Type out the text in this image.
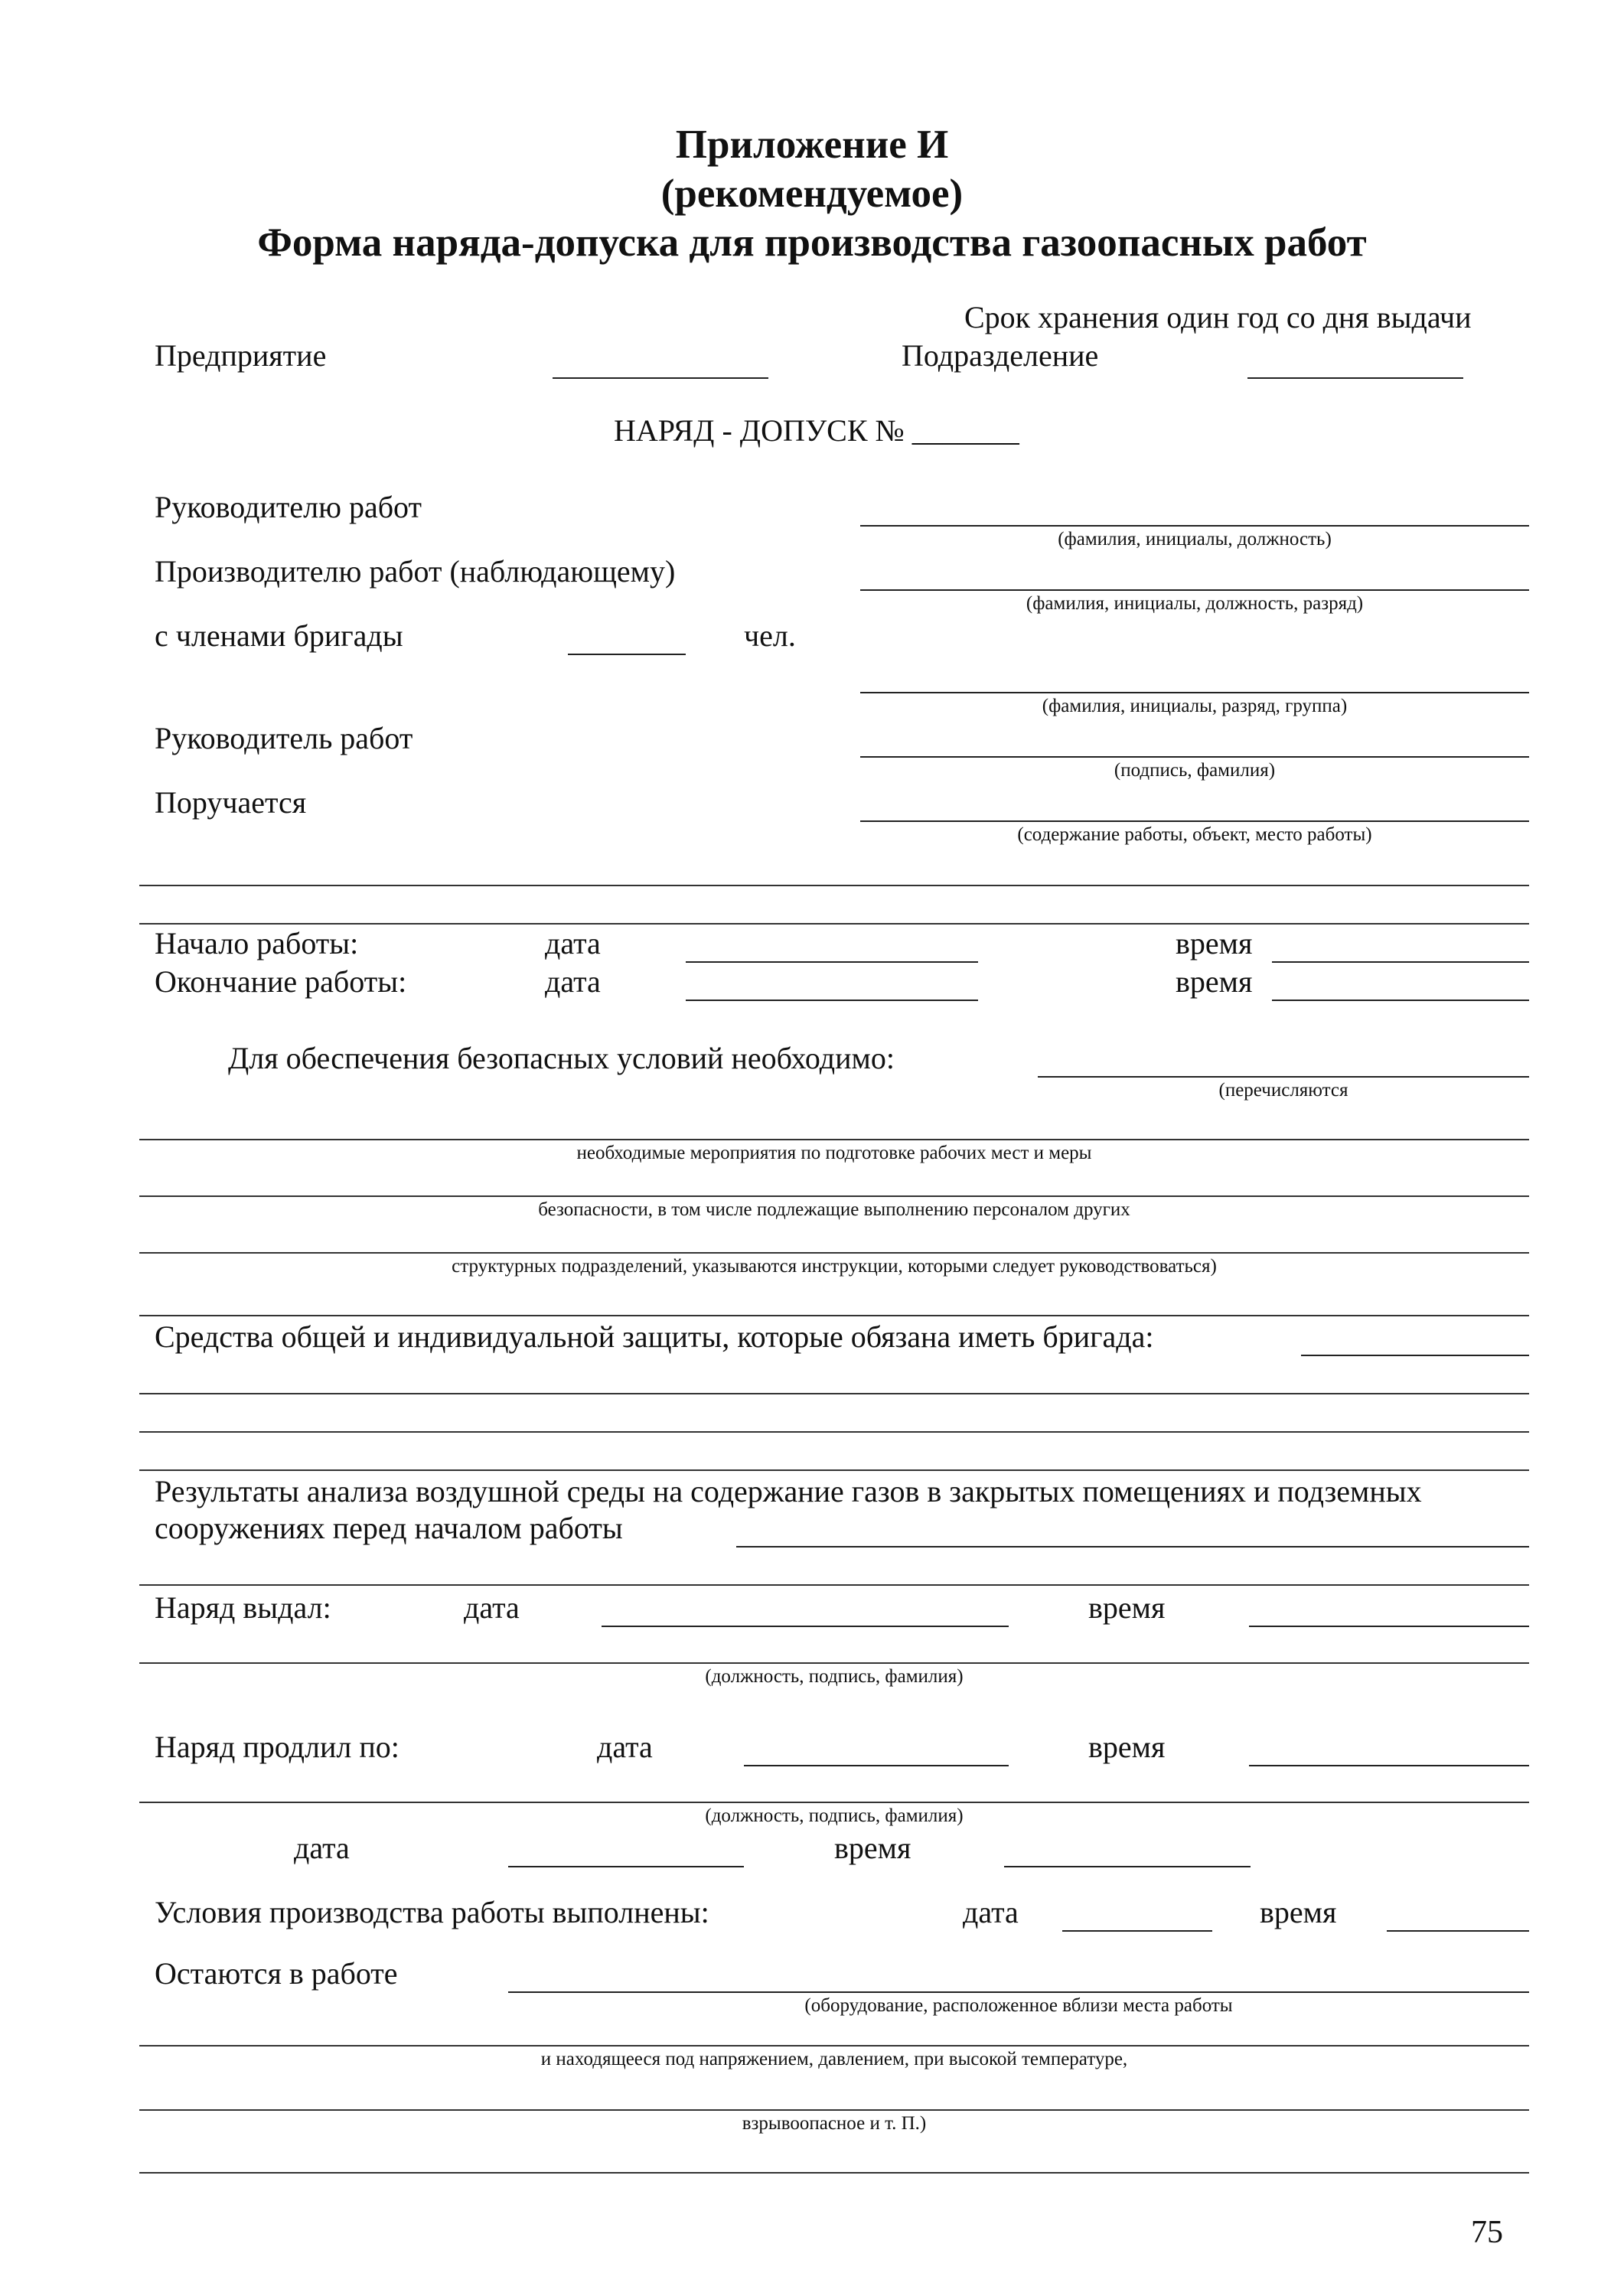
Приложение И
(рекомендуемое)
Форма наряда-допуска для производства газоопасных работ
Срок хранения один год со дня выдачи
Предприятие	Подразделение
НАРЯД - ДОПУСК № _______
Руководителю работ
(фамилия, инициалы, должность)
Производителю работ (наблюдающему)
(фамилия, инициалы, должность, разряд)
с членами бригады	чел.
(фамилия, инициалы, разряд, группа)
Руководитель работ
(подпись, фамилия)
Поручается
(содержание работы, объект, место работы)
Начало работы:	дата	время
Окончание работы:	дата	время
Для обеспечения безопасных условий необходимо:
(перечисляются
необходимые мероприятия по подготовке рабочих мест и меры
безопасности, в том числе подлежащие выполнению персоналом других
структурных подразделений, указываются инструкции, которыми следует руководствоваться)
Средства общей и индивидуальной защиты, которые обязана иметь бригада:
Результаты анализа воздушной среды на содержание газов в закрытых помещениях и подземных
сооружениях перед началом работы
Наряд выдал:	дата	время
(должность, подпись, фамилия)
Наряд продлил по:	дата	время
(должность, подпись, фамилия)
дата	время
Условия производства работы выполнены:	дата	время
Остаются в работе
(оборудование, расположенное вблизи места работы
и находящееся под напряжением, давлением, при высокой температуре,
взрывоопасное и т. П.)
75
